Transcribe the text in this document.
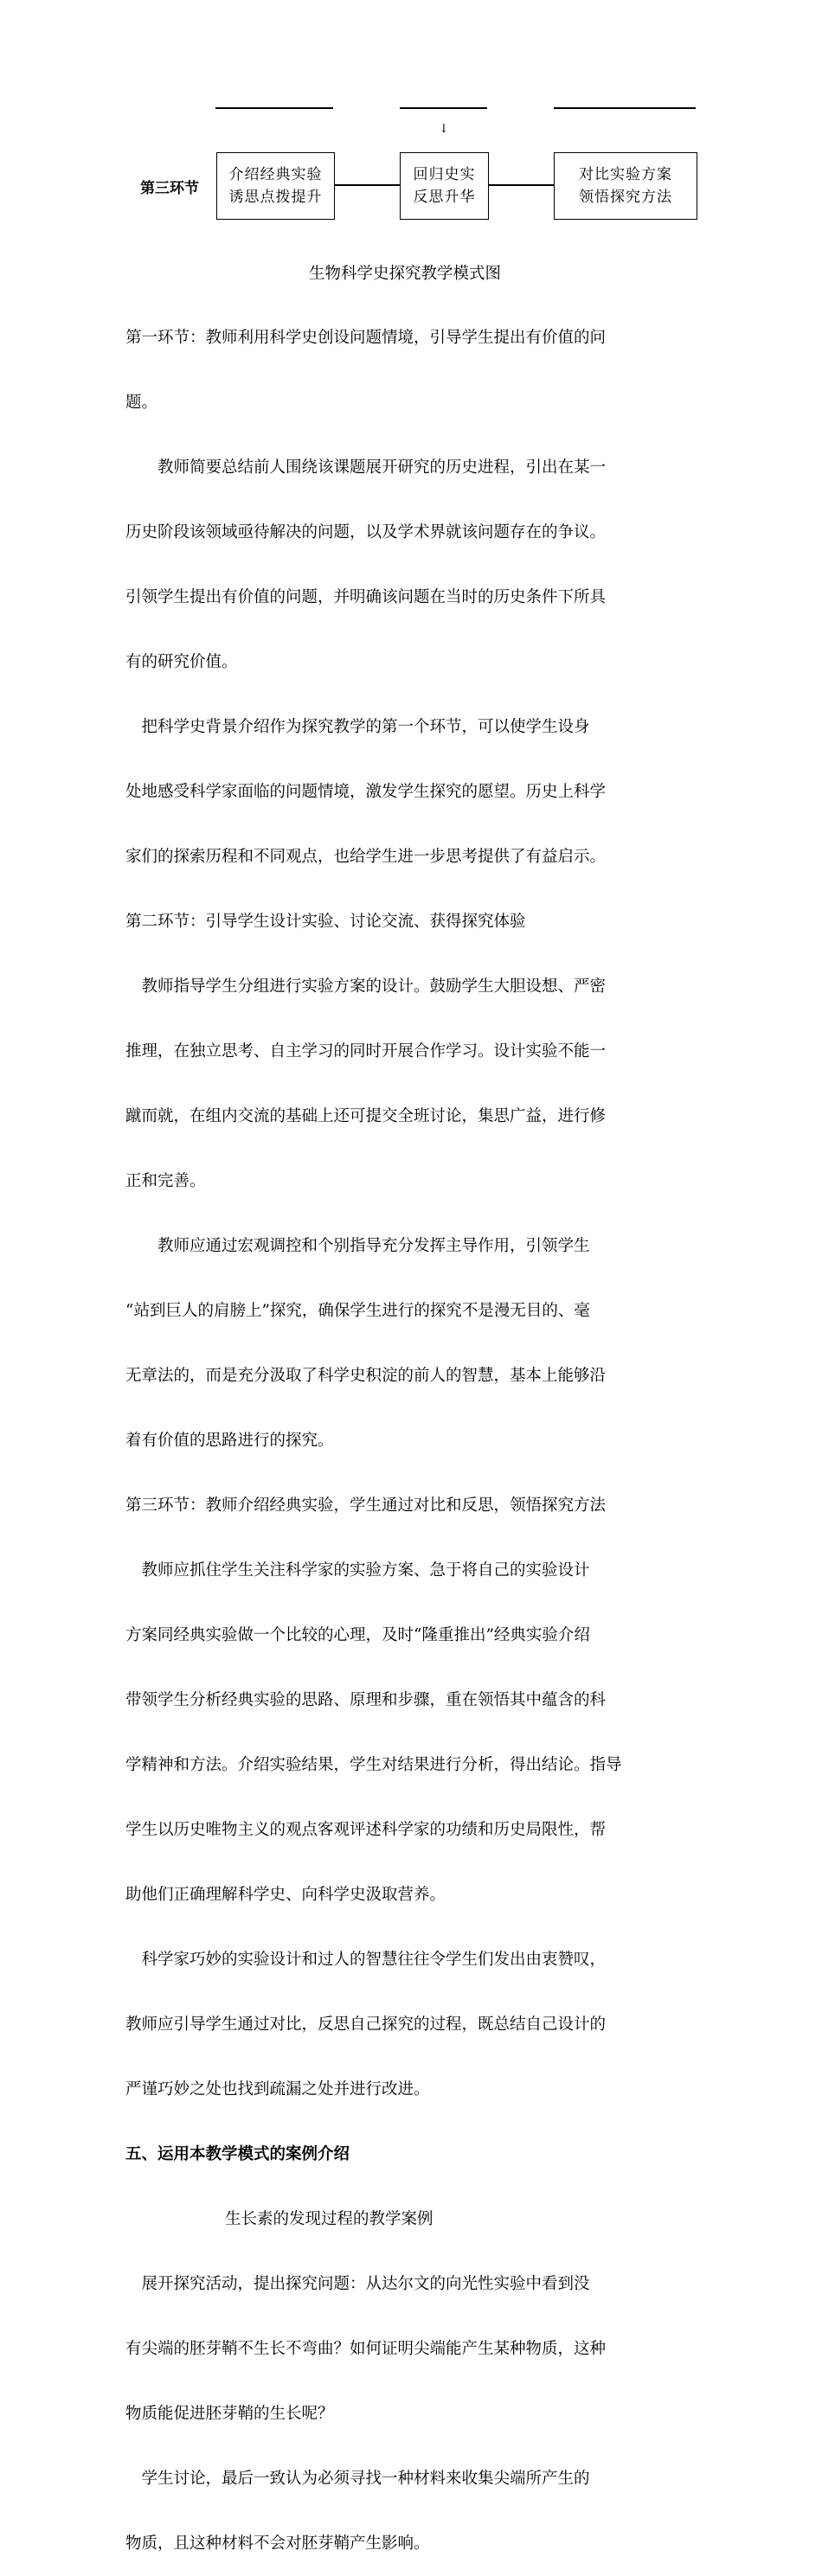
↓
第三环节
介绍经典实验
诱思点拨提升
回归史实
反思升华
对比实验方案
领悟探究方法
生物科学史探究教学模式图

第一环节：教师利用科学史创设问题情境，引导学生提出有价值的问

题。

　　教师简要总结前人围绕该课题展开研究的历史进程，引出在某一

历史阶段该领域亟待解决的问题，以及学术界就该问题存在的争议。

引领学生提出有价值的问题，并明确该问题在当时的历史条件下所具

有的研究价值。

　把科学史背景介绍作为探究教学的第一个环节，可以使学生设身

处地感受科学家面临的问题情境，激发学生探究的愿望。历史上科学

家们的探索历程和不同观点，也给学生进一步思考提供了有益启示。

第二环节：引导学生设计实验、讨论交流、获得探究体验

　教师指导学生分组进行实验方案的设计。鼓励学生大胆设想、严密

推理，在独立思考、自主学习的同时开展合作学习。设计实验不能一

蹴而就，在组内交流的基础上还可提交全班讨论，集思广益，进行修

正和完善。

　　教师应通过宏观调控和个别指导充分发挥主导作用，引领学生

“站到巨人的肩膀上”探究，确保学生进行的探究不是漫无目的、毫

无章法的，而是充分汲取了科学史积淀的前人的智慧，基本上能够沿

着有价值的思路进行的探究。

第三环节：教师介绍经典实验，学生通过对比和反思，领悟探究方法

　教师应抓住学生关注科学家的实验方案、急于将自己的实验设计

方案同经典实验做一个比较的心理，及时“隆重推出”经典实验介绍

带领学生分析经典实验的思路、原理和步骤，重在领悟其中蕴含的科

学精神和方法。介绍实验结果，学生对结果进行分析，得出结论。指导

学生以历史唯物主义的观点客观评述科学家的功绩和历史局限性，帮

助他们正确理解科学史、向科学史汲取营养。

　科学家巧妙的实验设计和过人的智慧往往令学生们发出由衷赞叹，

教师应引导学生通过对比，反思自己探究的过程，既总结自己设计的

严谨巧妙之处也找到疏漏之处并进行改进。

五、运用本教学模式的案例介绍

生长素的发现过程的教学案例

　展开探究活动，提出探究问题：从达尔文的向光性实验中看到没

有尖端的胚芽鞘不生长不弯曲？如何证明尖端能产生某种物质，这种

物质能促进胚芽鞘的生长呢？

　学生讨论，最后一致认为必须寻找一种材料来收集尖端所产生的

物质，且这种材料不会对胚芽鞘产生影响。
